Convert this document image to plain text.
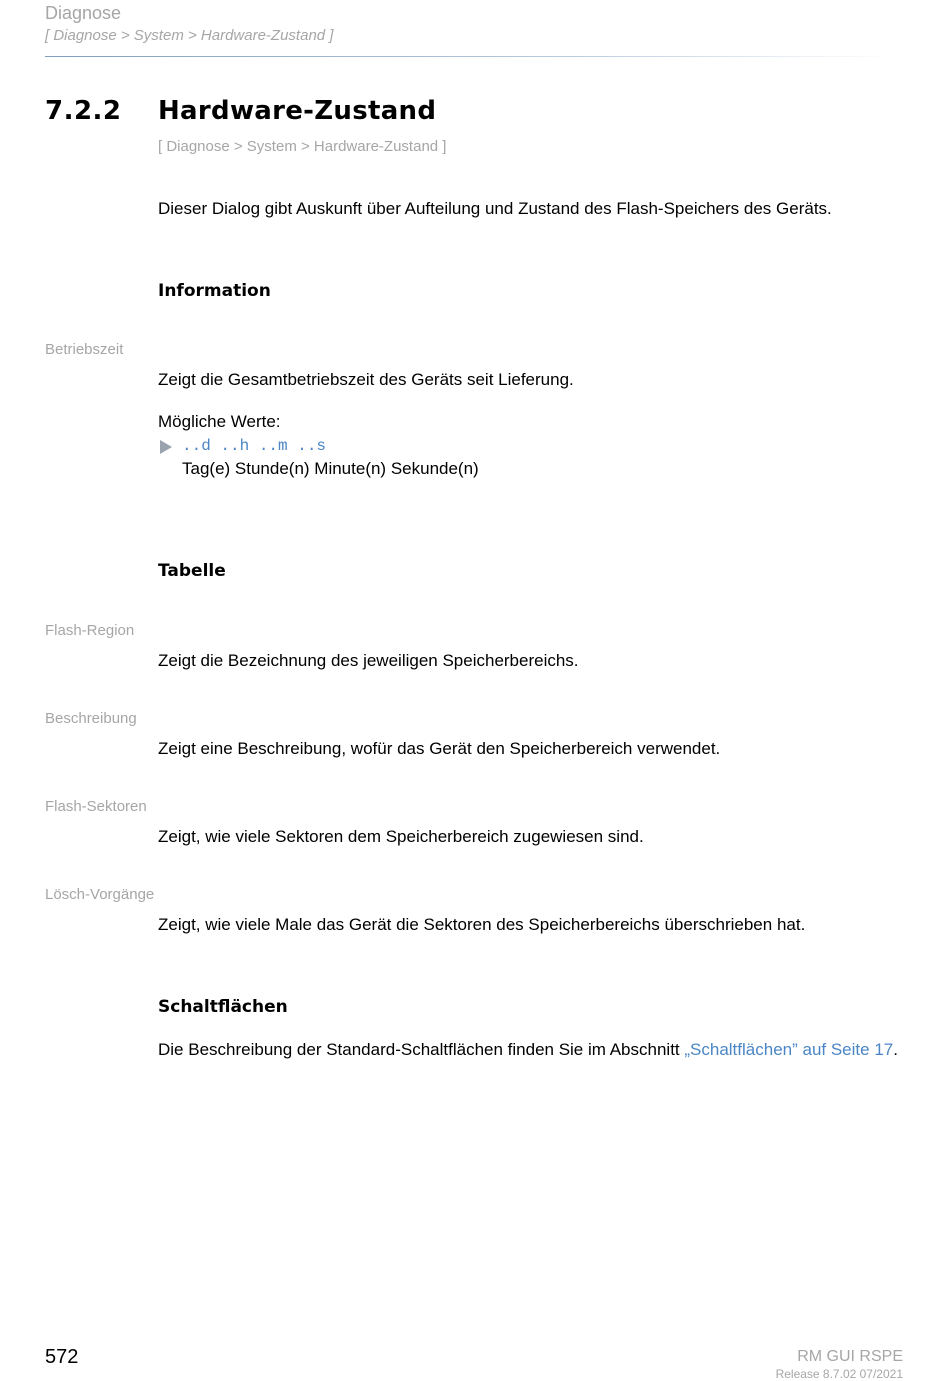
Diagnose
[ Diagnose > System > Hardware-Zustand ]
7.2.2 Hardware-Zustand
[ Diagnose > System > Hardware-Zustand ]
Dieser Dialog gibt Auskunft über Aufteilung und Zustand des Flash-Speichers des Geräts.
Information
Betriebszeit
Zeigt die Gesamtbetriebszeit des Geräts seit Lieferung.
Mögliche Werte:
..d ..h ..m ..s
Tag(e) Stunde(n) Minute(n) Sekunde(n)
Tabelle
Flash-Region
Zeigt die Bezeichnung des jeweiligen Speicherbereichs.
Beschreibung
Zeigt eine Beschreibung, wofür das Gerät den Speicherbereich verwendet.
Flash-Sektoren
Zeigt, wie viele Sektoren dem Speicherbereich zugewiesen sind.
Lösch-Vorgänge
Zeigt, wie viele Male das Gerät die Sektoren des Speicherbereichs überschrieben hat.
Schaltflächen
Die Beschreibung der Standard-Schaltflächen finden Sie im Abschnitt „Schaltflächen” auf Seite 17.
572	RM GUI RSPE
Release 8.7.02 07/2021
